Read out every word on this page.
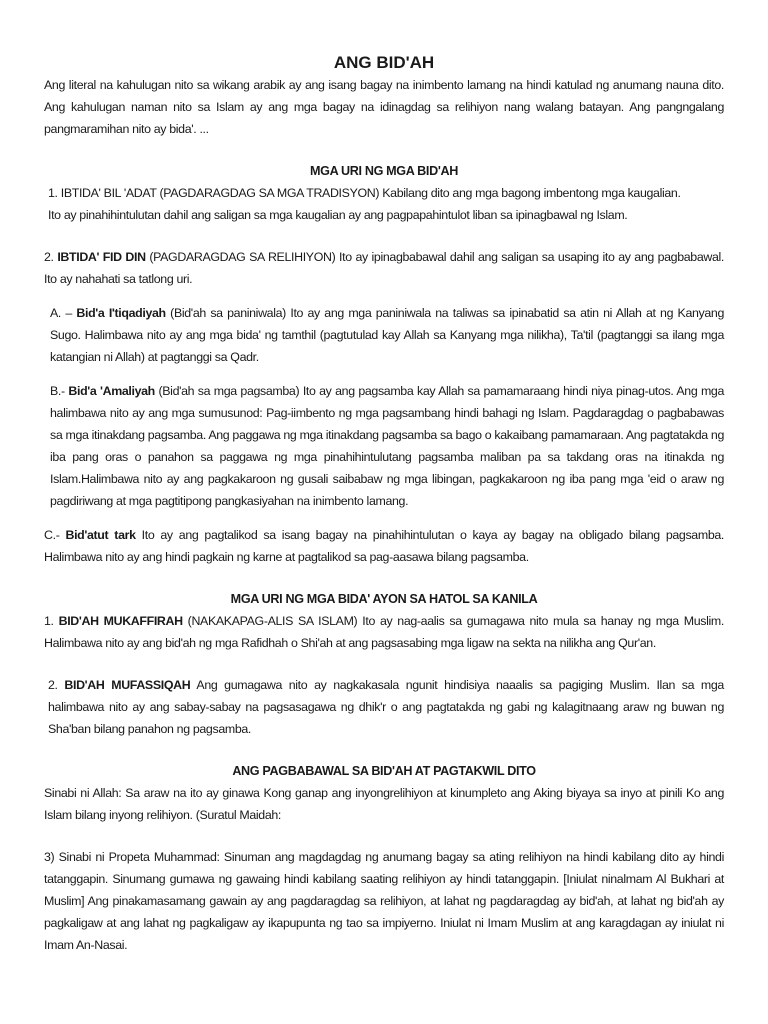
ANG BID'AH

Ang literal na kahulugan nito sa wikang arabik ay ang isang bagay na inimbento lamang na hindi katulad ng anumang nauna dito. Ang kahulugan naman nito sa Islam ay ang mga bagay na idinagdag sa relihiyon nang walang batayan. Ang pangngalang pangmaramihan nito ay bida'. ...

MGA URI NG MGA BID'AH

1. IBTIDA' BIL 'ADAT (PAGDARAGDAG SA MGA TRADISYON) Kabilang dito ang mga bagong imbentong mga kaugalian.

Ito ay pinahihintulutan dahil ang saligan sa mga kaugalian ay ang pagpapahintulot liban sa ipinagbawal ng Islam.

2. IBTIDA' FID DIN (PAGDARAGDAG SA RELIHIYON) Ito ay ipinagbabawal dahil ang saligan sa usaping ito ay ang pagbabawal. Ito ay nahahati sa tatlong uri.

A. – Bid'a I'tiqadiyah (Bid'ah sa paniniwala) Ito ay ang mga paniniwala na taliwas sa ipinabatid sa atin ni Allah at ng Kanyang Sugo. Halimbawa nito ay ang mga bida' ng tamthil (pagtutulad kay Allah sa Kanyang mga nilikha), Ta'til (pagtanggi sa ilang mga katangian ni Allah) at pagtanggi sa Qadr.

B.- Bid'a 'Amaliyah (Bid'ah sa mga pagsamba) Ito ay ang pagsamba kay Allah sa pamamaraang hindi niya pinag-utos. Ang mga halimbawa nito ay ang mga sumusunod: Pag-iimbento ng mga pagsambang hindi bahagi ng Islam. Pagdaragdag o pagbabawas sa mga itinakdang pagsamba. Ang paggawa ng mga itinakdang pagsamba sa bago o kakaibang pamamaraan. Ang pagtatakda ng iba pang oras o panahon sa paggawa ng mga pinahihintulutang pagsamba maliban pa sa takdang oras na itinakda ng Islam.Halimbawa nito ay ang pagkakaroon ng gusali saibabaw ng mga libingan, pagkakaroon ng iba pang mga 'eid o araw ng pagdiriwang at mga pagtitipong pangkasiyahan na inimbento lamang.

C.- Bid'atut tark Ito ay ang pagtalikod sa isang bagay na pinahihintulutan o kaya ay bagay na obligado bilang pagsamba. Halimbawa nito ay ang hindi pagkain ng karne at pagtalikod sa pag-aasawa bilang pagsamba.

MGA URI NG MGA BIDA' AYON SA HATOL SA KANILA

1. BID'AH MUKAFFIRAH (NAKAKAPAG-ALIS SA ISLAM) Ito ay nag-aalis sa gumagawa nito mula sa hanay ng mga Muslim. Halimbawa nito ay ang bid'ah ng mga Rafidhah o Shi'ah at ang pagsasabing mga ligaw na sekta na nilikha ang Qur'an.

2. BID'AH MUFASSIQAH Ang gumagawa nito ay nagkakasala ngunit hindisiya naaalis sa pagiging Muslim. Ilan sa mga halimbawa nito ay ang sabay-sabay na pagsasagawa ng dhik'r o ang pagtatakda ng gabi ng kalagitnaang araw ng buwan ng Sha'ban bilang panahon ng pagsamba.

ANG PAGBABAWAL SA BID'AH AT PAGTAKWIL DITO

Sinabi ni Allah: Sa araw na ito ay ginawa Kong ganap ang inyongrelihiyon at kinumpleto ang Aking biyaya sa inyo at pinili Ko ang Islam bilang inyong relihiyon. (Suratul Maidah:

3) Sinabi ni Propeta Muhammad: Sinuman ang magdagdag ng anumang bagay sa ating relihiyon na hindi kabilang dito ay hindi tatanggapin. Sinumang gumawa ng gawaing hindi kabilang saating relihiyon ay hindi tatanggapin. [Iniulat ninalmam Al Bukhari at Muslim] Ang pinakamasamang gawain ay ang pagdaragdag sa relihiyon, at lahat ng pagdaragdag ay bid'ah, at lahat ng bid'ah ay pagkaligaw at ang lahat ng pagkaligaw ay ikapupunta ng tao sa impiyerno. Iniulat ni Imam Muslim at ang karagdagan ay iniulat ni Imam An-Nasai.
